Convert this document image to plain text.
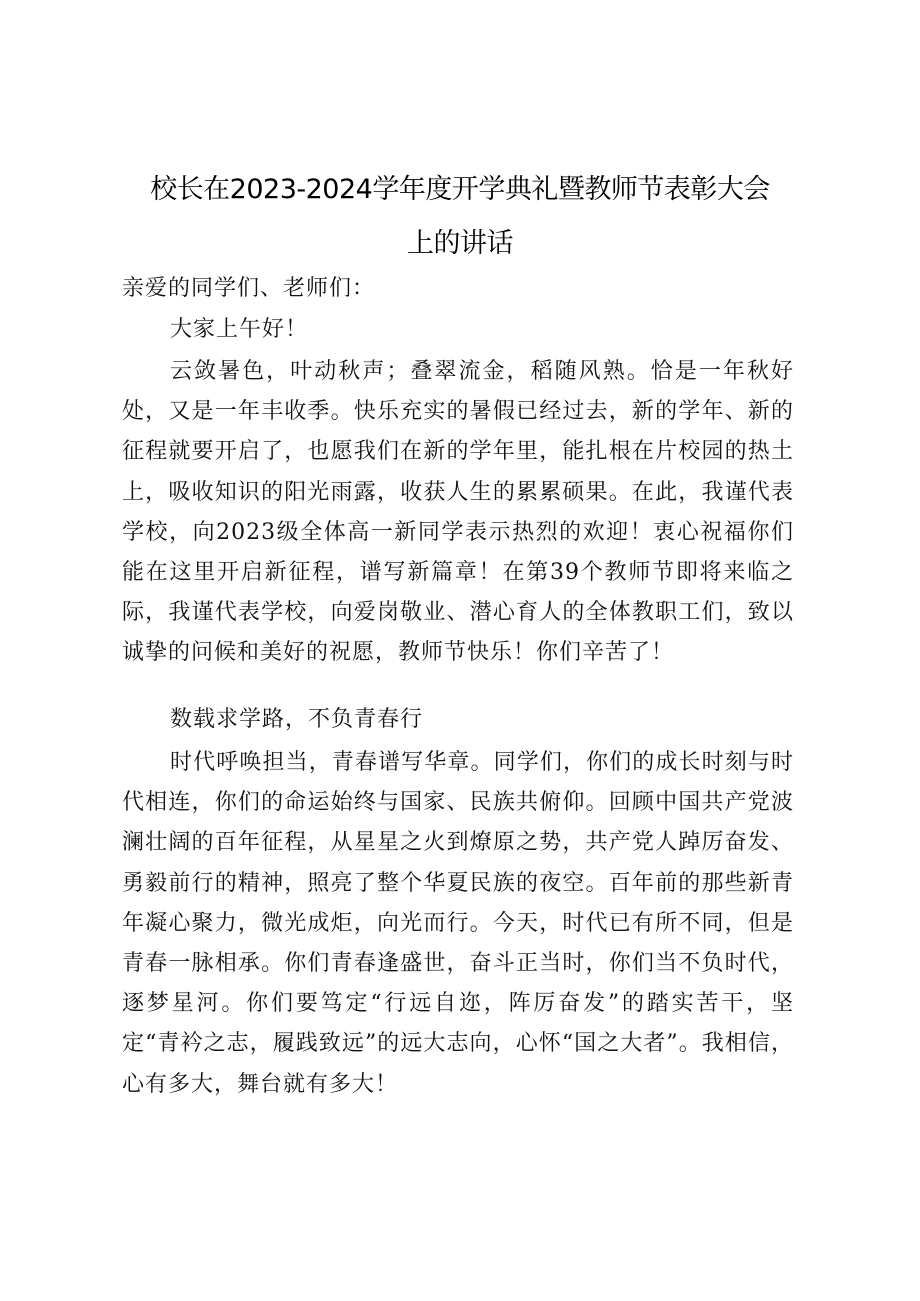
校长在2023-2024学年度开学典礼暨教师节表彰大会
上的讲话
亲爱的同学们、老师们：

大家上午好！

云敛暑色，叶动秋声；叠翠流金，稻随风熟。恰是一年秋好处，又是一年丰收季。快乐充实的暑假已经过去，新的学年、新的征程就要开启了，也愿我们在新的学年里，能扎根在片校园的热土上，吸收知识的阳光雨露，收获人生的累累硕果。在此，我谨代表学校，向2023级全体高一新同学表示热烈的欢迎！衷心祝福你们能在这里开启新征程，谱写新篇章！在第39个教师节即将来临之际，我谨代表学校，向爱岗敬业、潜心育人的全体教职工们，致以诚挚的问候和美好的祝愿，教师节快乐！你们辛苦了！

数载求学路，不负青春行

时代呼唤担当，青春谱写华章。同学们，你们的成长时刻与时代相连，你们的命运始终与国家、民族共俯仰。回顾中国共产党波澜壮阔的百年征程，从星星之火到燎原之势，共产党人踔厉奋发、勇毅前行的精神，照亮了整个华夏民族的夜空。百年前的那些新青年凝心聚力，微光成炬，向光而行。今天，时代已有所不同，但是青春一脉相承。你们青春逢盛世，奋斗正当时，你们当不负时代，逐梦星河。你们要笃定“行远自迩，阵厉奋发”的踏实苦干，坚定“青衿之志，履践致远”的远大志向，心怀“国之大者”。我相信，心有多大，舞台就有多大！
